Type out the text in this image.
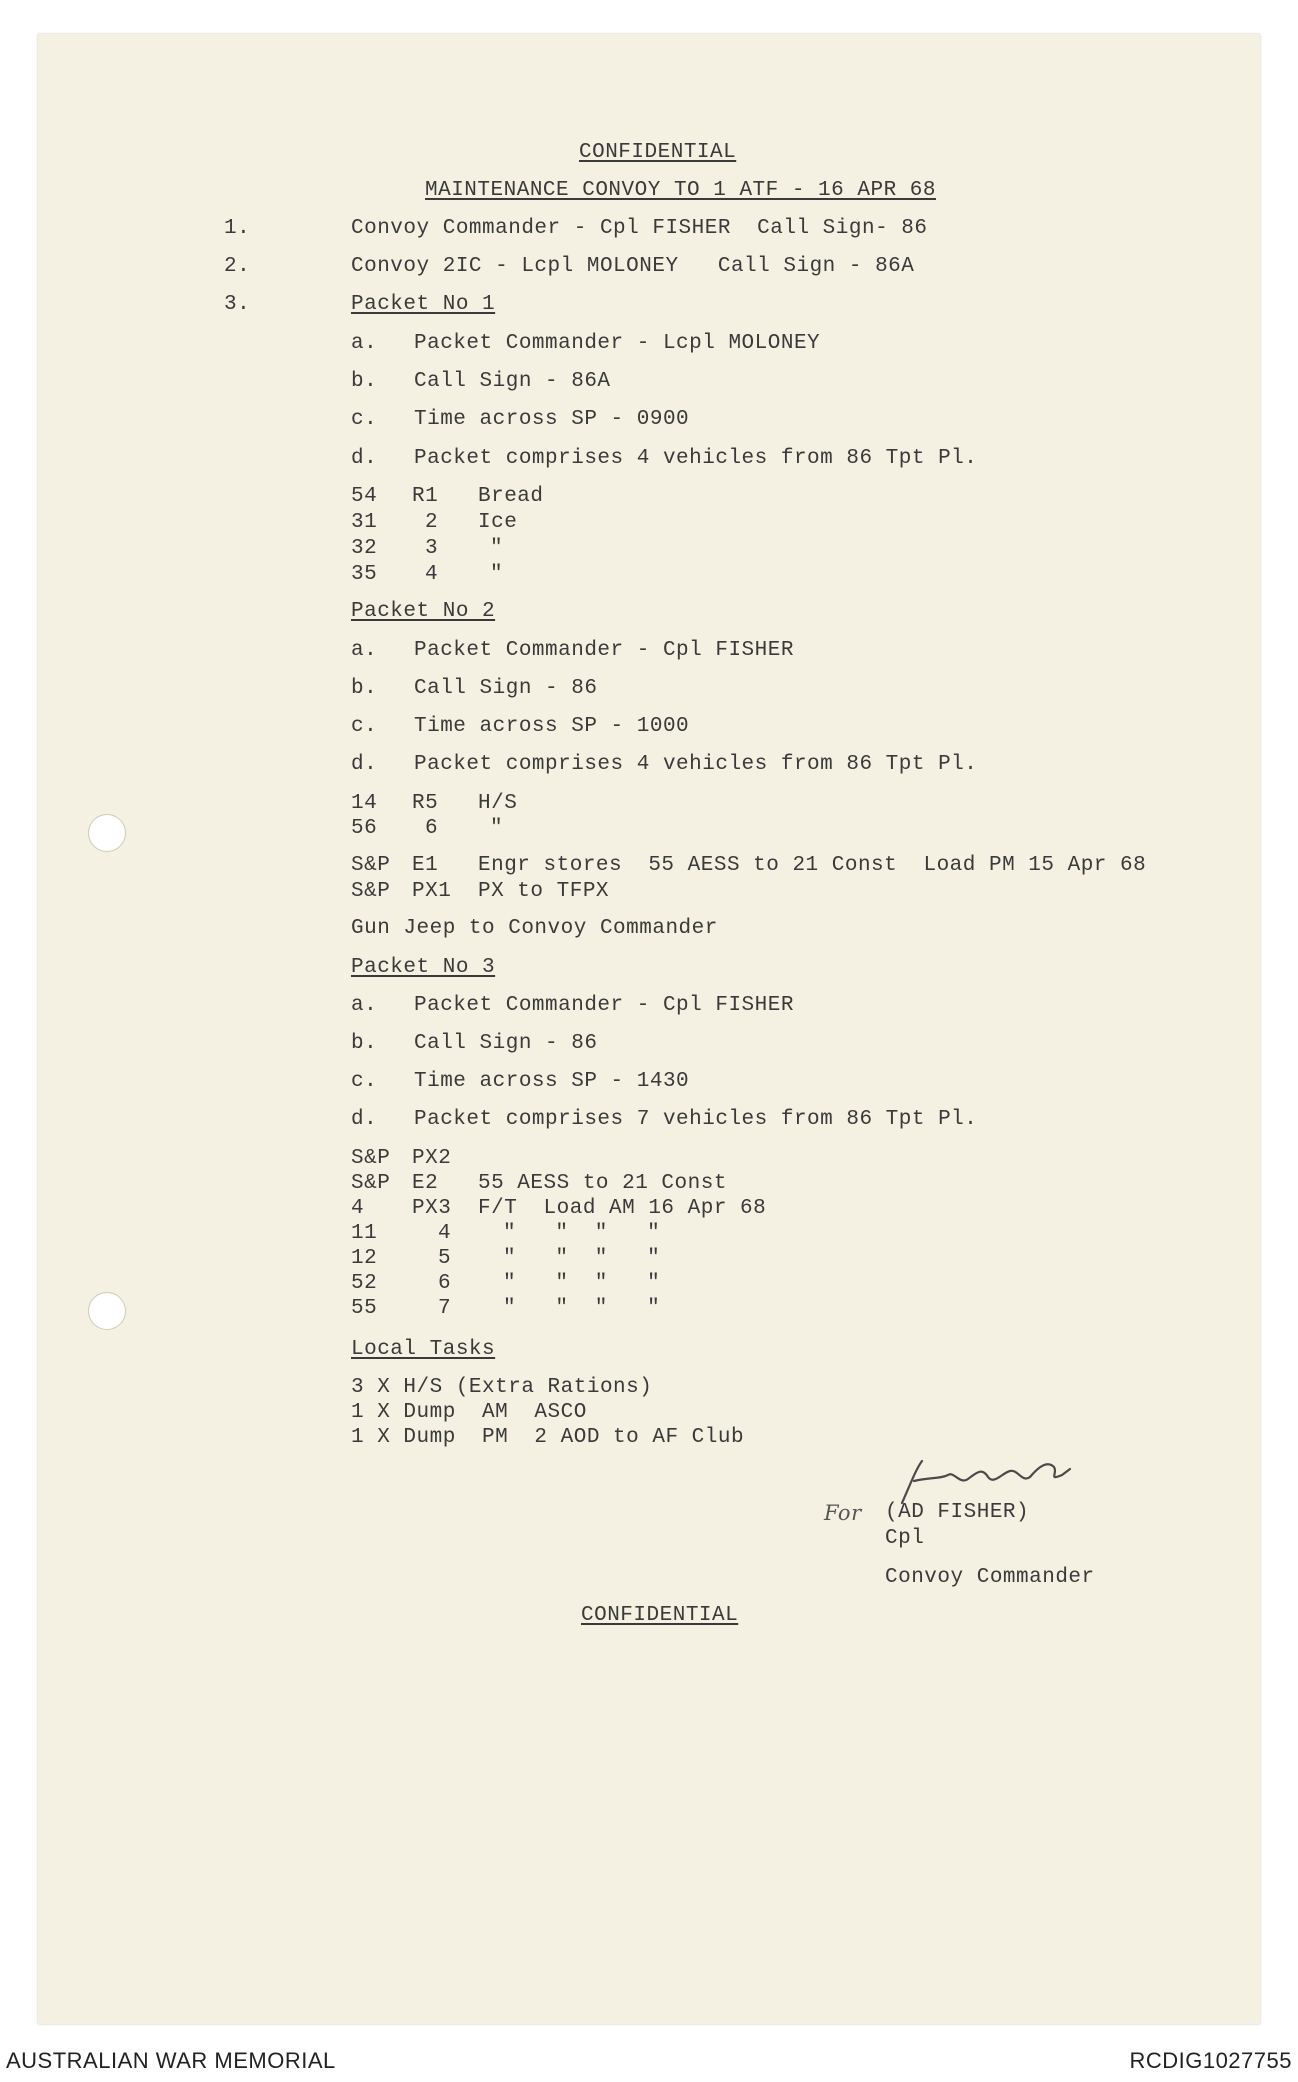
CONFIDENTIAL
MAINTENANCE CONVOY TO 1 ATF - 16 APR 68
1.	Convoy Commander - Cpl FISHER  Call Sign- 86
2.	Convoy 2IC - Lcpl MOLONEY   Call Sign - 86A
3.	Packet No 1
a. Packet Commander - Lcpl MOLONEY
b. Call Sign - 86A
c. Time across SP - 0900
d. Packet comprises 4 vehicles from 86 Tpt Pl.
54 R1 Bread
31 2 Ice
32 3 "
35 4 "
Packet No 2
a. Packet Commander - Cpl FISHER
b. Call Sign - 86
c. Time across SP - 1000
d. Packet comprises 4 vehicles from 86 Tpt Pl.
14 R5 H/S
56 6 "
S&P E1 Engr stores  55 AESS to 21 Const  Load PM 15 Apr 68
S&P PX1 PX to TFPX
Gun Jeep to Convoy Commander
Packet No 3
a. Packet Commander - Cpl FISHER
b. Call Sign - 86
c. Time across SP - 1430
d. Packet comprises 7 vehicles from 86 Tpt Pl.
S&P PX2
S&P E2 55 AESS to 21 Const
4 PX3 F/T  Load AM 16 Apr 68
11	4 "   "  "   "
12	5 "   "  "   "
52	6 "   "  "   "
55	7 "   "  "   "
Local Tasks
3 X H/S (Extra Rations)
1 X Dump  AM  ASCO
1 X Dump  PM  2 AOD to AF Club
For (AD FISHER)
Cpl
Convoy Commander
CONFIDENTIAL
AUSTRALIAN WAR MEMORIAL	RCDIG1027755
